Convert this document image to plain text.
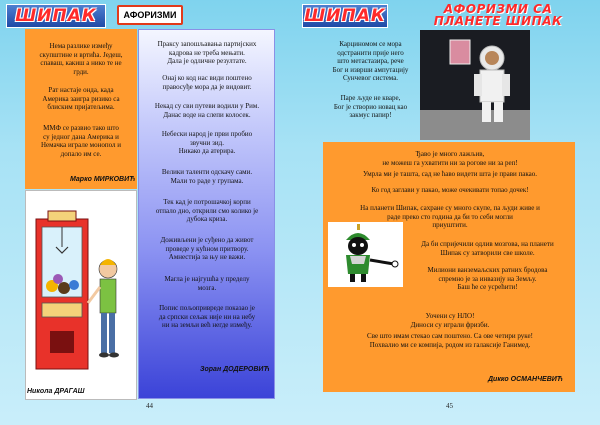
ШИПАК	АФОРИЗМИ
Нема разлике између
скупштине и вртића. Једеш,
спаваш, какиш а нико те не
грди.
Рат настаје онда, када
Америка заигра ризико са
блиским пријатељима.
ММФ се развио тако што
су једног дана Америка и
Немачка играле монопол и
допало им се.
Марко МИРКОВИЋ
Праксу запошљавања партијских
кадрова не треба мењати.
Дала је одличне резултате.
Онај ко код нас види поштено
правосуђе мора да је видовит.
Некад су сви путеви водили у Рим.
Данас воде на слепи колосек.
Небески народ је први пробио
звучни зид.
Никако да атерира.
Велики таленти одскачу сами.
Мали то раде у групама.
Тек кад је потрошачкој корпи
отпало дно, открили смо колико је
дубока криза.
Доживљени је суђено да живот
проведе у кућном притвору.
Амнестија за њу не важи.
Магла је најгушћа у пределу
мозга.
Попис пољопривреде показао је
да српски сељак није ни на небу
ни на земљи већ негде између.
Зоран ДОДЕРОВИЋ
Никола ДРАГАШ
44
ШИПАК	АФОРИЗМИ СА
ПЛАНЕТЕ ШИПАК
Карциномом се мора
одстранити прије него
што метастазира, рече
Бог и изврши ампутацију
Сунчевог система.
Паре људе не кваре,
Бог је створио новац као
закмус папир!
Ђаво је много лажљив,
не можеш га ухватити ни за рогове ни за реп!
Умрла ми је ташта, сад не ћаво видети шта је прави пакао.
Ко год заглави у пакао, може очекивати топао дочек!
На планети Шипак, сахране су много скупе, па људи живе и
раде преко сто година да би то себи могли
приуштити.
Да би спријечили одлив мозгова, на планети
Шипак су затворили све школе.
Милиони ванземаљских ратних бродова
спремно је за инвазију на Земљу.
Баш ће се усрећити!
Уочени су НЛО!
Диноси су играли фризби.
Све што имам стекао сам поштено. Са ове четири руке!
Похвалио ми се компија, родом из галаксије Ганимед.
Дикко ОСМАНЧЕВИЋ
45
